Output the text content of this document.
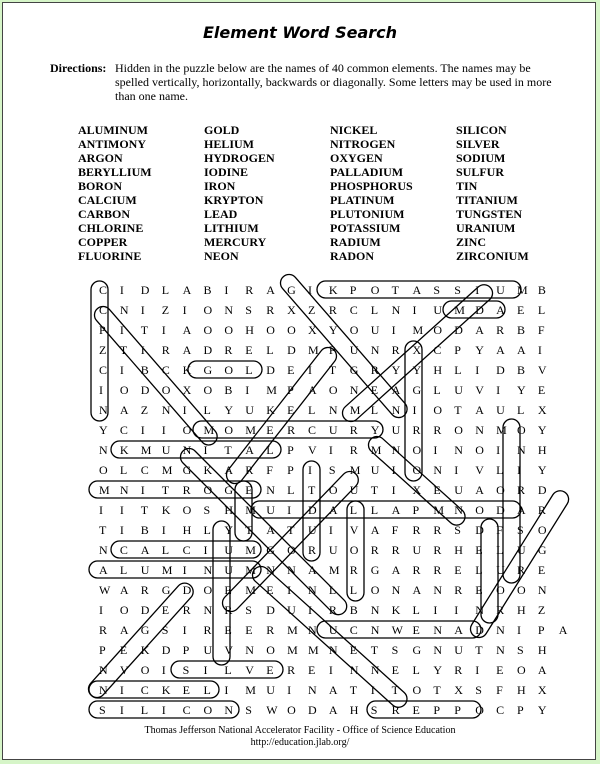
Element Word Search
Directions: Hidden in the puzzle below are the names of 40 common elements. The names may be spelled vertically, horizontally, backwards or diagonally. Some letters may be used in more than one name.
ALUMINUM
ANTIMONY
ARGON
BERYLLIUM
BORON
CALCIUM
CARBON
CHLORINE
COPPER
FLUORINE
GOLD
HELIUM
HYDROGEN
IODINE
IRON
KRYPTON
LEAD
LITHIUM
MERCURY
NEON
NICKEL
NITROGEN
OXYGEN
PALLADIUM
PHOSPHORUS
PLATINUM
PLUTONIUM
POTASSIUM
RADIUM
RADON
SILICON
SILVER
SODIUM
SULFUR
TIN
TITANIUM
TUNGSTEN
URANIUM
ZINC
ZIRCONIUM
CIDLABIRAGIKPOTASSIUMB
CNIZIONSRXZRCLNIUMDAEL
PITIAOOHOOXYOUIMODARBF
ZTIRADRELDMPUNRXCPYAAI
CIBCKGOLDEITGRYYHLIDBV
IODOXOBIMPAONEAGLUVIYE
NAZNILYUKELNMLNIOTAULX
YCIIOMOMERCURYURRONMOY
NKMUNITALPVIRMNOINOINH
OLCMGKARFPISMUIONIVLIY
MNITROGENLTOUTIXEUAORD
IITKOSHMUIDALLAPMNODAR
TIBIHLYTATUIVAFRRSDFSO
NCALCIUMGORUORRURHELUG
ALUMINUMNNAMRGARRELURE
WARGDOEMEINLLONANREOON
IODERNRSDUIRBNKLIINRHZ
RAGSIREERMNUCNWENADNIPA
PEKDPUVNOMMNETSGNUTNSH
NVOISILVEREINNELYRIEOA
NICKELIMUINATITOTXSFHX
SILICONSWODAHSREPPOCPY
Thomas Jefferson National Accelerator Facility - Office of Science Education
http://education.jlab.org/
